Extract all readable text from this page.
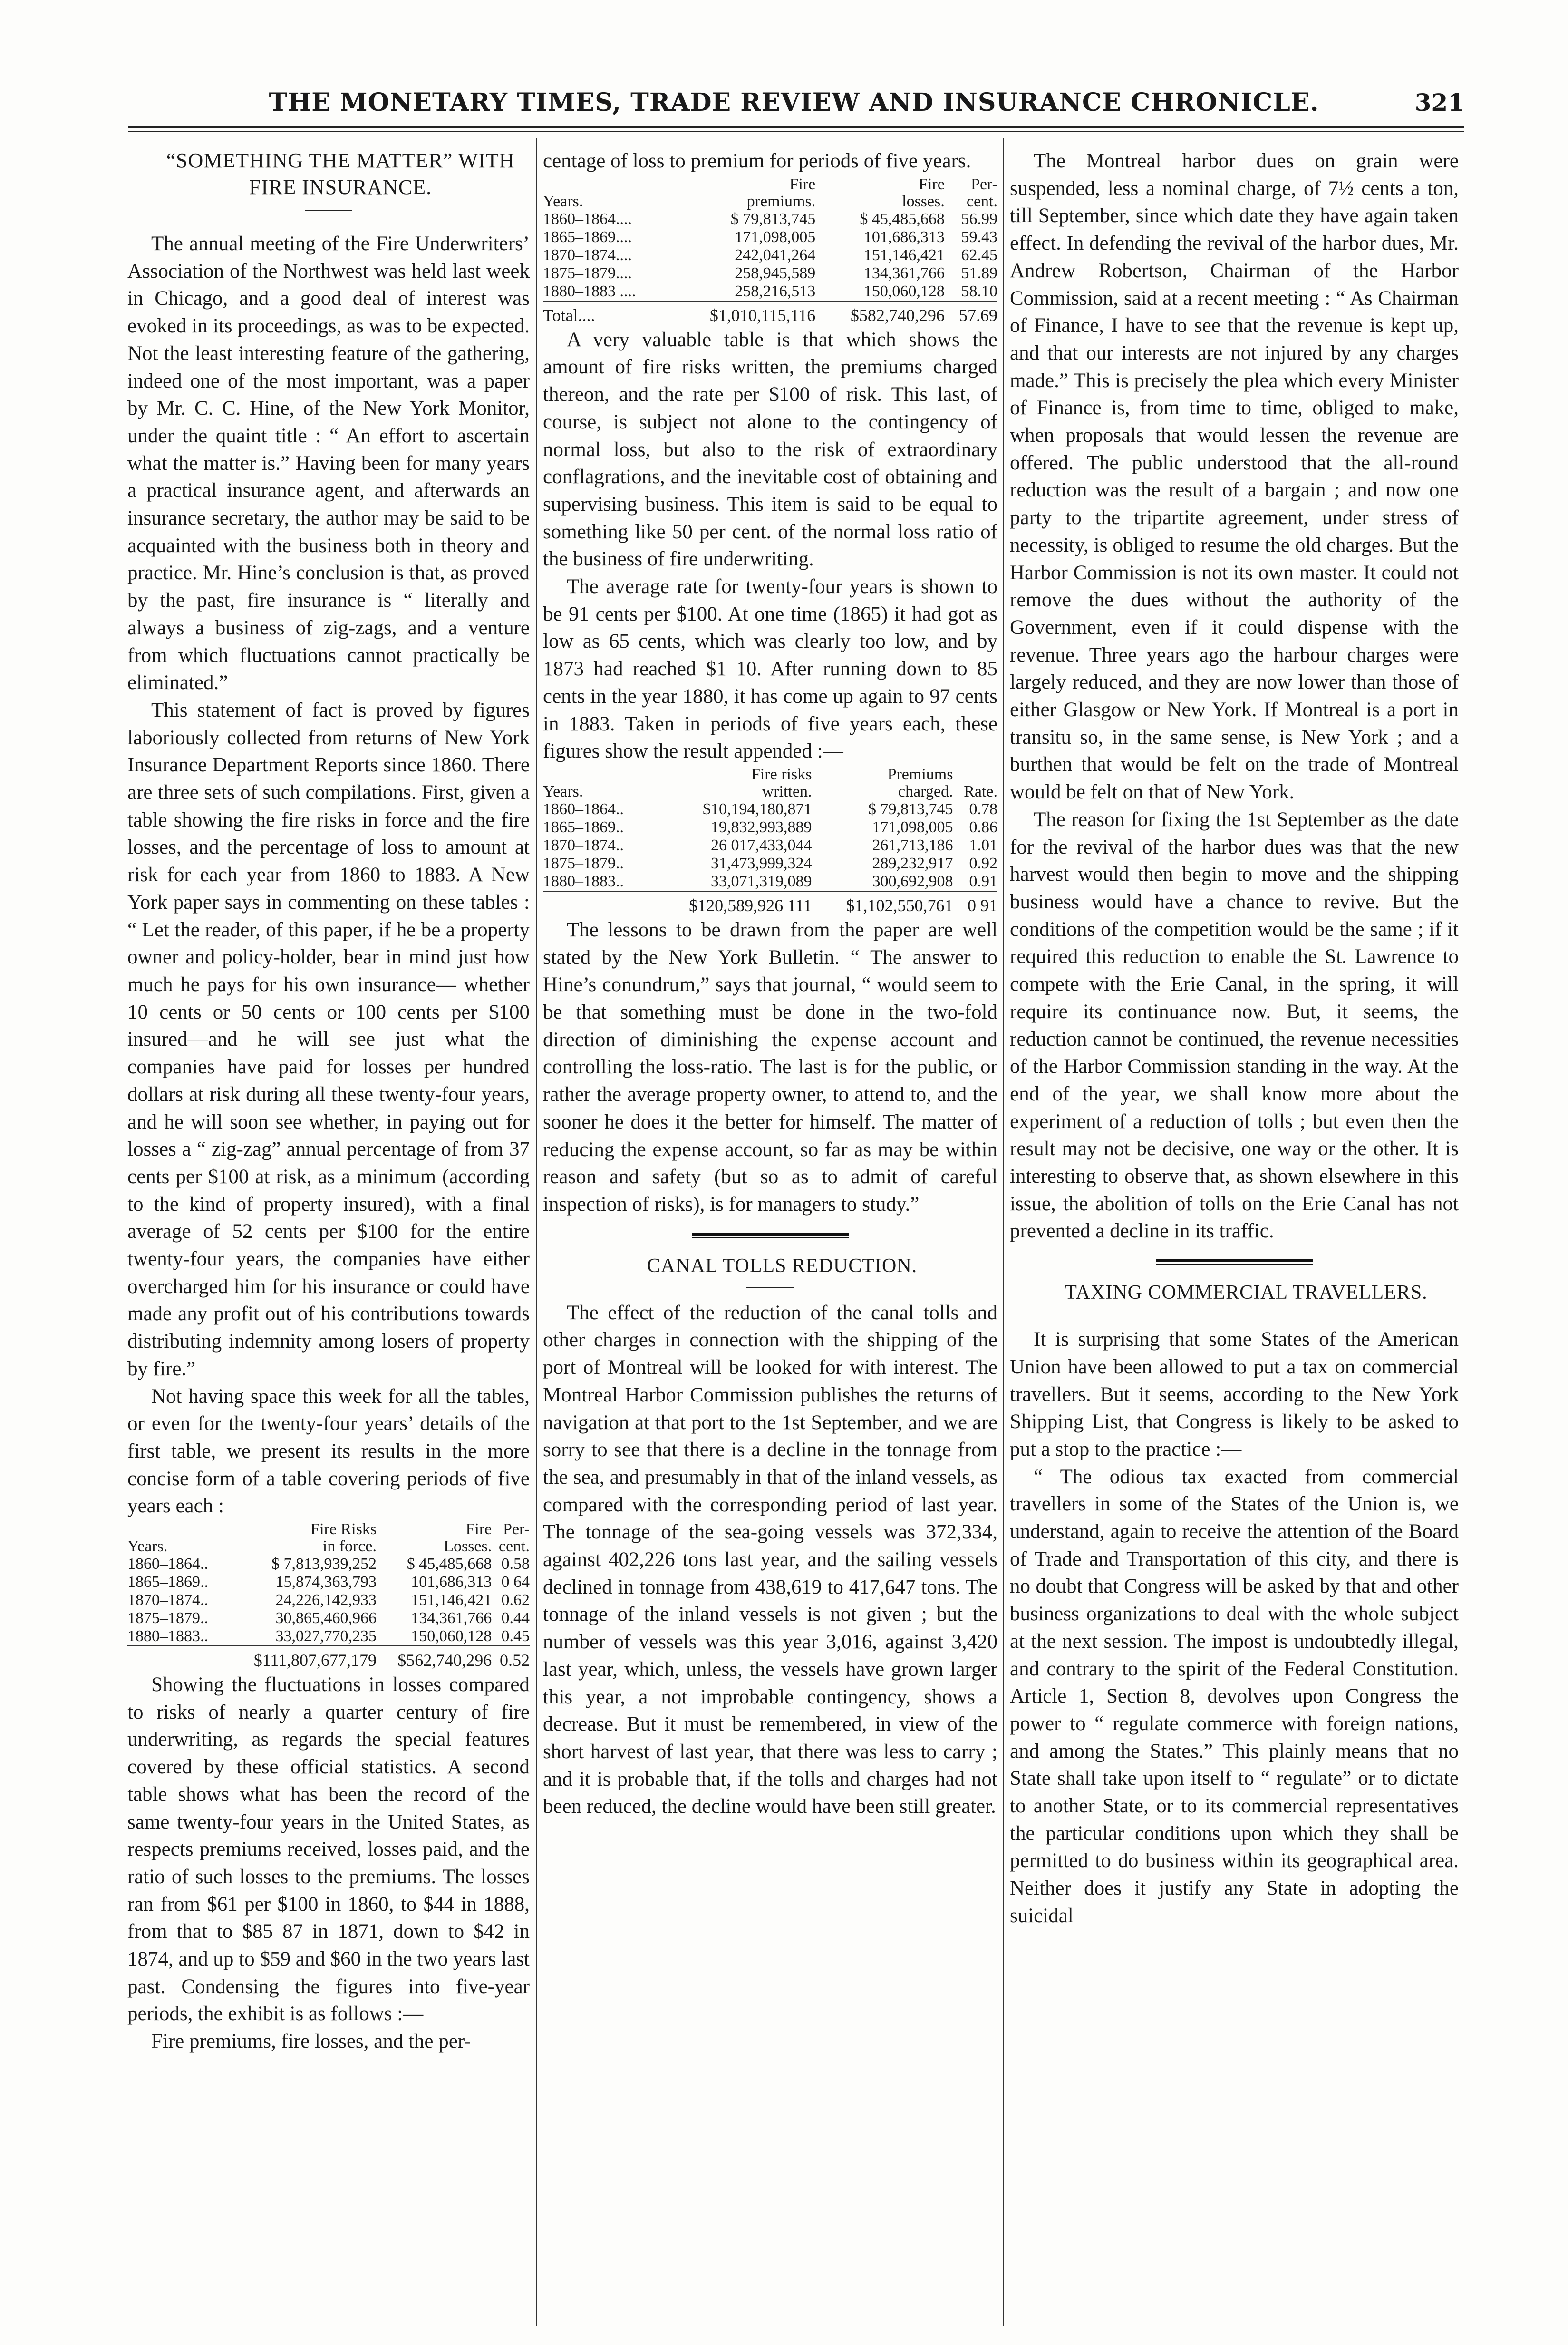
THE MONETARY TIMES, TRADE REVIEW AND INSURANCE CHRONICLE.	321

“SOMETHING THE MATTER” WITH

FIRE INSURANCE.

The annual meeting of the Fire Underwriters’ Association of the Northwest was held last week in Chicago, and a good deal of interest was evoked in its proceedings, as was to be expected. Not the least interesting feature of the gathering, indeed one of the most important, was a paper by Mr. C. C. Hine, of the New York Monitor, under the quaint title : “ An effort to ascertain what the matter is.” Having been for many years a practical insurance agent, and afterwards an insurance secretary, the author may be said to be acquainted with the business both in theory and practice. Mr. Hine’s conclusion is that, as proved by the past, fire insurance is “ literally and always a business of zig-zags, and a venture from which fluctuations cannot practically be eliminated.”

This statement of fact is proved by figures laboriously collected from returns of New York Insurance Department Reports since 1860. There are three sets of such compilations. First, given a table showing the fire risks in force and the fire losses, and the percentage of loss to amount at risk for each year from 1860 to 1883. A New York paper says in commenting on these tables : “ Let the reader, of this paper, if he be a property owner and policy-holder, bear in mind just how much he pays for his own insurance— whether 10 cents or 50 cents or 100 cents per $100 insured—and he will see just what the companies have paid for losses per hundred dollars at risk during all these twenty-four years, and he will soon see whether, in paying out for losses a “ zig-zag” annual percentage of from 37 cents per $100 at risk, as a minimum (according to the kind of property insured), with a final average of 52 cents per $100 for the entire twenty-four years, the companies have either overcharged him for his insurance or could have made any profit out of his contributions towards distributing indemnity among losers of property by fire.”

Not having space this week for all the tables, or even for the twenty-four years’ details of the first table, we present its results in the more concise form of a table covering periods of five years each :

	Fire Risks	Fire	Per-
Years.	in force.	Losses.	cent.
1860–1864..	$ 7,813,939,252	$ 45,485,668	0.58
1865–1869..	15,874,363,793	101,686,313	0 64
1870–1874..	24,226,142,933	151,146,421	0.62
1875–1879..	30,865,460,966	134,361,766	0.44
1880–1883..	33,027,770,235	150,060,128	0.45
	$111,807,677,179	$562,740,296	0.52

Showing the fluctuations in losses compared to risks of nearly a quarter century of fire underwriting, as regards the special features covered by these official statistics. A second table shows what has been the record of the same twenty-four years in the United States, as respects premiums received, losses paid, and the ratio of such losses to the premiums. The losses ran from $61 per $100 in 1860, to $44 in 1888, from that to $85 87 in 1871, down to $42 in 1874, and up to $59 and $60 in the two years last past. Condensing the figures into five-year periods, the exhibit is as follows :—

Fire premiums, fire losses, and the per-

centage of loss to premium for periods of five years.

	Fire	Fire	Per-
Years.	premiums.	losses.	cent.
1860–1864....	$ 79,813,745	$ 45,485,668	56.99
1865–1869....	171,098,005	101,686,313	59.43
1870–1874....	242,041,264	151,146,421	62.45
1875–1879....	258,945,589	134,361,766	51.89
1880–1883 ....	258,216,513	150,060,128	58.10
Total....	$1,010,115,116	$582,740,296	57.69

A very valuable table is that which shows the amount of fire risks written, the premiums charged thereon, and the rate per $100 of risk. This last, of course, is subject not alone to the contingency of normal loss, but also to the risk of extraordinary conflagrations, and the inevitable cost of obtaining and supervising business. This item is said to be equal to something like 50 per cent. of the normal loss ratio of the business of fire underwriting.

The average rate for twenty-four years is shown to be 91 cents per $100. At one time (1865) it had got as low as 65 cents, which was clearly too low, and by 1873 had reached $1 10. After running down to 85 cents in the year 1880, it has come up again to 97 cents in 1883. Taken in periods of five years each, these figures show the result appended :—

	Fire risks	Premiums	
Years.	written.	charged.	Rate.
1860–1864..	$10,194,180,871	$ 79,813,745	0.78
1865–1869..	19,832,993,889	171,098,005	0.86
1870–1874..	26 017,433,044	261,713,186	1.01
1875–1879..	31,473,999,324	289,232,917	0.92
1880–1883..	33,071,319,089	300,692,908	0.91
	$120,589,926 111	$1,102,550,761	0 91

The lessons to be drawn from the paper are well stated by the New York Bulletin. “ The answer to Hine’s conundrum,” says that journal, “ would seem to be that something must be done in the two-fold direction of diminishing the expense account and controlling the loss-ratio. The last is for the public, or rather the average property owner, to attend to, and the sooner he does it the better for himself. The matter of reducing the expense account, so far as may be within reason and safety (but so as to admit of careful inspection of risks), is for managers to study.”

CANAL TOLLS REDUCTION.

The effect of the reduction of the canal tolls and other charges in connection with the shipping of the port of Montreal will be looked for with interest. The Montreal Harbor Commission publishes the returns of navigation at that port to the 1st September, and we are sorry to see that there is a decline in the tonnage from the sea, and presumably in that of the inland vessels, as compared with the corresponding period of last year. The tonnage of the sea-going vessels was 372,334, against 402,226 tons last year, and the sailing vessels declined in tonnage from 438,619 to 417,647 tons. The tonnage of the inland vessels is not given ; but the number of vessels was this year 3,016, against 3,420 last year, which, unless, the vessels have grown larger this year, a not improbable contingency, shows a decrease. But it must be remembered, in view of the short harvest of last year, that there was less to carry ; and it is probable that, if the tolls and charges had not been reduced, the decline would have been still greater.

The Montreal harbor dues on grain were suspended, less a nominal charge, of 7½ cents a ton, till September, since which date they have again taken effect. In defending the revival of the harbor dues, Mr. Andrew Robertson, Chairman of the Harbor Commission, said at a recent meeting : “ As Chairman of Finance, I have to see that the revenue is kept up, and that our interests are not injured by any charges made.” This is precisely the plea which every Minister of Finance is, from time to time, obliged to make, when proposals that would lessen the revenue are offered. The public understood that the all-round reduction was the result of a bargain ; and now one party to the tripartite agreement, under stress of necessity, is obliged to resume the old charges. But the Harbor Commission is not its own master. It could not remove the dues without the authority of the Government, even if it could dispense with the revenue. Three years ago the harbour charges were largely reduced, and they are now lower than those of either Glasgow or New York. If Montreal is a port in transitu so, in the same sense, is New York ; and a burthen that would be felt on the trade of Montreal would be felt on that of New York.

The reason for fixing the 1st September as the date for the revival of the harbor dues was that the new harvest would then begin to move and the shipping business would have a chance to revive. But the conditions of the competition would be the same ; if it required this reduction to enable the St. Lawrence to compete with the Erie Canal, in the spring, it will require its continuance now. But, it seems, the reduction cannot be continued, the revenue necessities of the Harbor Commission standing in the way. At the end of the year, we shall know more about the experiment of a reduction of tolls ; but even then the result may not be decisive, one way or the other. It is interesting to observe that, as shown elsewhere in this issue, the abolition of tolls on the Erie Canal has not prevented a decline in its traffic.

TAXING COMMERCIAL TRAVELLERS.

It is surprising that some States of the American Union have been allowed to put a tax on commercial travellers. But it seems, according to the New York Shipping List, that Congress is likely to be asked to put a stop to the practice :—

“ The odious tax exacted from commercial travellers in some of the States of the Union is, we understand, again to receive the attention of the Board of Trade and Transportation of this city, and there is no doubt that Congress will be asked by that and other business organizations to deal with the whole subject at the next session. The impost is undoubtedly illegal, and contrary to the spirit of the Federal Constitution. Article 1, Section 8, devolves upon Congress the power to “ regulate commerce with foreign nations, and among the States.” This plainly means that no State shall take upon itself to “ regulate” or to dictate to another State, or to its commercial representatives the particular conditions upon which they shall be permitted to do business within its geographical area. Neither does it justify any State in adopting the suicidal
